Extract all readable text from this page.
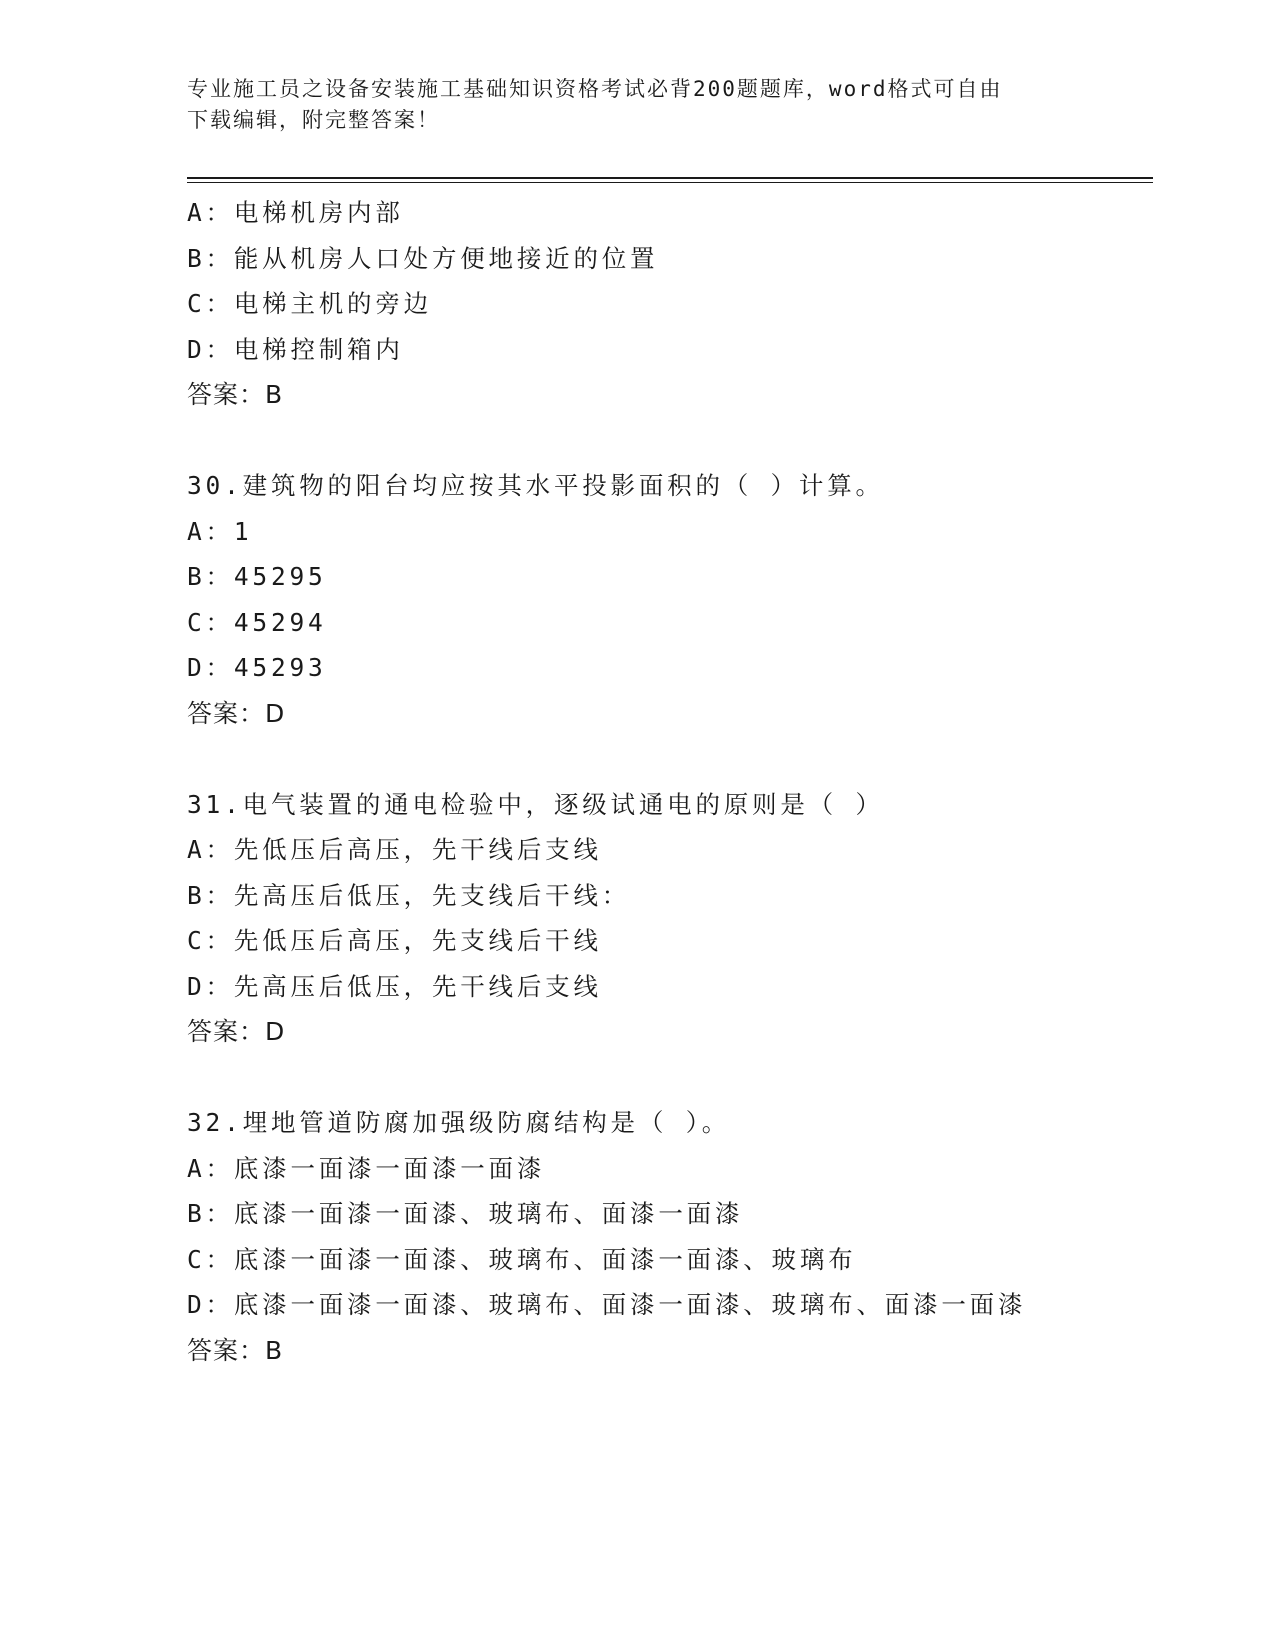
专业施工员之设备安装施工基础知识资格考试必背200题题库，word格式可自由
下载编辑，附完整答案！
A：电梯机房内部
B：能从机房人口处方便地接近的位置
C：电梯主机的旁边
D：电梯控制箱内
答案：B
30.建筑物的阳台均应按其水平投影面积的（ ）计算。
A：1
B：45295
C：45294
D：45293
答案：D
31.电气装置的通电检验中，逐级试通电的原则是（ ）
A：先低压后高压，先干线后支线
B：先高压后低压，先支线后干线：
C：先低压后高压，先支线后干线
D：先高压后低压，先干线后支线
答案：D
32.埋地管道防腐加强级防腐结构是（ ）。
A：底漆一面漆一面漆一面漆
B：底漆一面漆一面漆、玻璃布、面漆一面漆
C：底漆一面漆一面漆、玻璃布、面漆一面漆、玻璃布
D：底漆一面漆一面漆、玻璃布、面漆一面漆、玻璃布、面漆一面漆
答案：B
